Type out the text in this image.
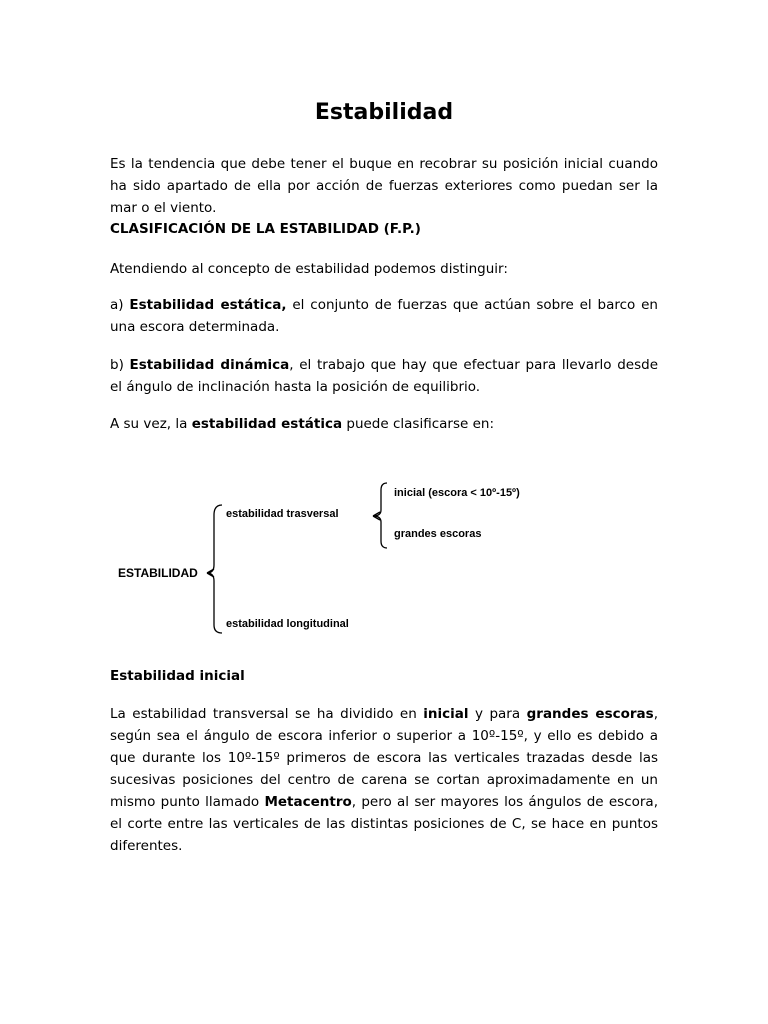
Estabilidad

Es la tendencia que debe tener el buque en recobrar su posición inicial cuando ha sido apartado de ella por acción de fuerzas exteriores como puedan ser la mar o el viento.

CLASIFICACIÓN DE LA ESTABILIDAD (F.P.)

Atendiendo al concepto de estabilidad podemos distinguir:

a) Estabilidad estática, el conjunto de fuerzas que actúan sobre el barco en una escora determinada.

b) Estabilidad dinámica, el trabajo que hay que efectuar para llevarlo desde el ángulo de inclinación hasta la posición de equilibrio.

A su vez, la estabilidad estática puede clasificarse en:

ESTABILIDAD
estabilidad trasversal
estabilidad longitudinal
inicial (escora < 10º-15º)
grandes escoras

Estabilidad inicial

La estabilidad transversal se ha dividido en inicial y para grandes escoras, según sea el ángulo de escora inferior o superior a 10º-15º, y ello es debido a que durante los 10º-15º primeros de escora las verticales trazadas desde las sucesivas posiciones del centro de carena se cortan aproximadamente en un mismo punto llamado Metacentro, pero al ser mayores los ángulos de escora, el corte entre las verticales de las distintas posiciones de C, se hace en puntos diferentes.
